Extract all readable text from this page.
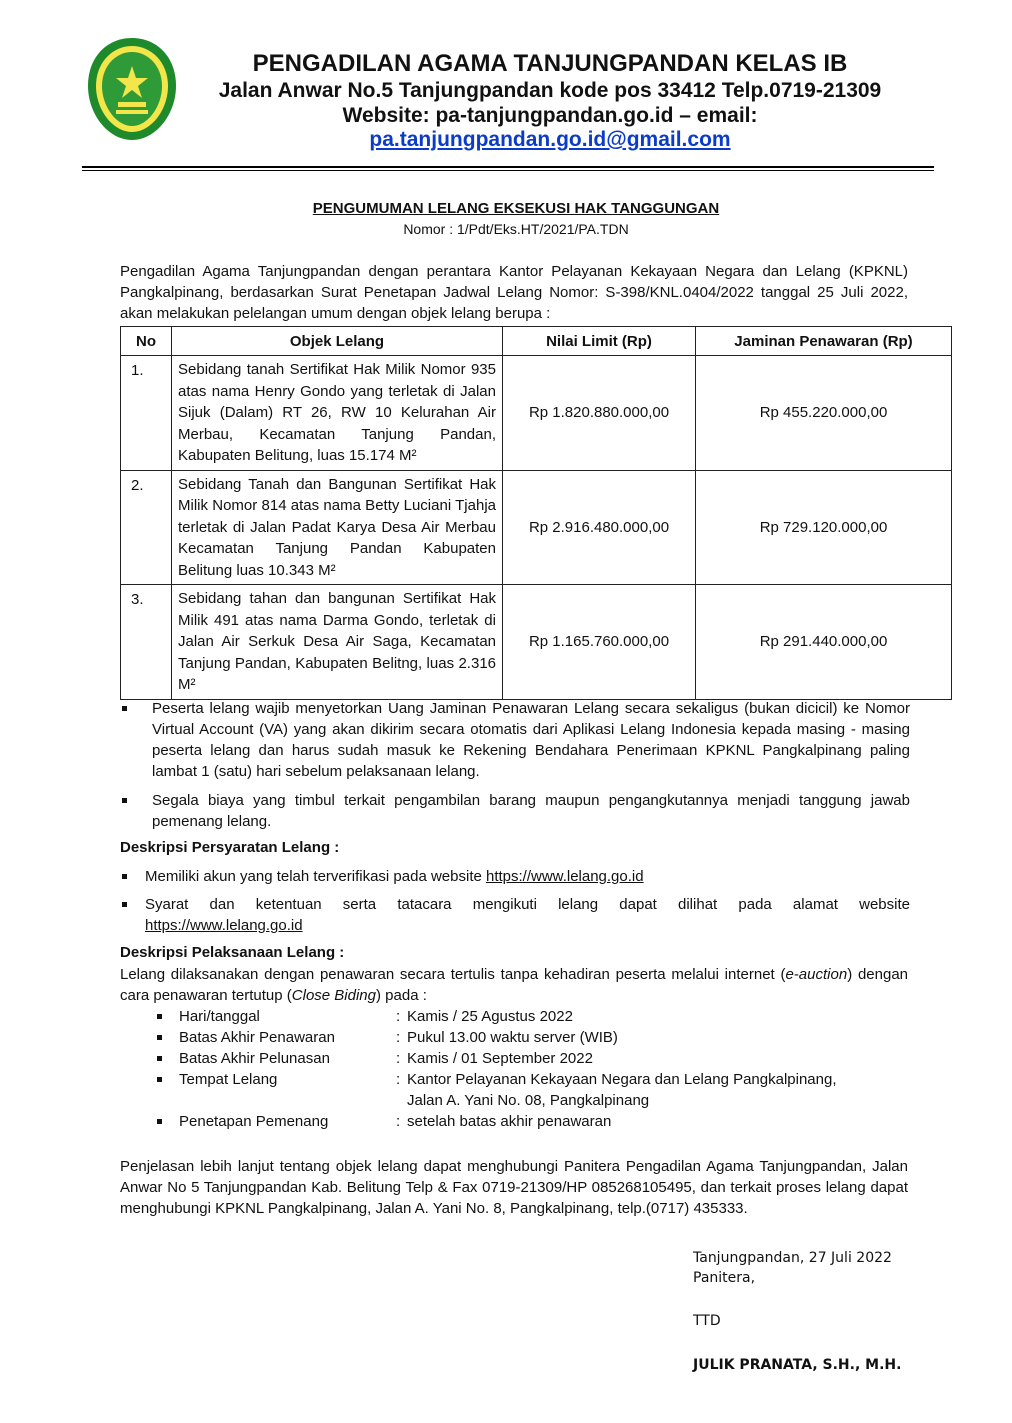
PENGADILAN AGAMA TANJUNGPANDAN KELAS IB
Jalan Anwar No.5 Tanjungpandan kode pos 33412 Telp.0719-21309
Website: pa-tanjungpandan.go.id – email:
pa.tanjungpandan.go.id@gmail.com
PENGUMUMAN LELANG EKSEKUSI HAK TANGGUNGAN
Nomor : 1/Pdt/Eks.HT/2021/PA.TDN
Pengadilan Agama Tanjungpandan dengan perantara Kantor Pelayanan Kekayaan Negara dan Lelang (KPKNL) Pangkalpinang, berdasarkan Surat Penetapan Jadwal Lelang Nomor: S-398/KNL.0404/2022 tanggal 25 Juli 2022, akan melakukan pelelangan umum dengan objek lelang berupa :
No	Objek Lelang	Nilai Limit (Rp)	Jaminan Penawaran (Rp)
1.	Sebidang tanah Sertifikat Hak Milik Nomor 935 atas nama Henry Gondo yang terletak di Jalan Sijuk (Dalam) RT 26, RW 10 Kelurahan Air Merbau, Kecamatan Tanjung Pandan, Kabupaten Belitung, luas 15.174 M²	Rp 1.820.880.000,00	Rp 455.220.000,00
2.	Sebidang Tanah dan Bangunan Sertifikat Hak Milik Nomor 814 atas nama Betty Luciani Tjahja terletak di Jalan Padat Karya Desa Air Merbau Kecamatan Tanjung Pandan Kabupaten Belitung luas 10.343 M²	Rp 2.916.480.000,00	Rp 729.120.000,00
3.	Sebidang tahan dan bangunan Sertifikat Hak Milik 491 atas nama Darma Gondo, terletak di Jalan Air Serkuk Desa Air Saga, Kecamatan Tanjung Pandan, Kabupaten Belitng, luas 2.316 M²	Rp 1.165.760.000,00	Rp 291.440.000,00
Peserta lelang wajib menyetorkan Uang Jaminan Penawaran Lelang secara sekaligus (bukan dicicil) ke Nomor Virtual Account (VA) yang akan dikirim secara otomatis dari Aplikasi Lelang Indonesia kepada masing - masing peserta lelang dan harus sudah masuk ke Rekening Bendahara Penerimaan KPKNL Pangkalpinang paling lambat 1 (satu) hari sebelum pelaksanaan lelang.
Segala biaya yang timbul terkait pengambilan barang maupun pengangkutannya menjadi tanggung jawab pemenang lelang.
Deskripsi Persyaratan Lelang :
Memiliki akun yang telah terverifikasi pada website https://www.lelang.go.id
Syarat dan ketentuan serta tatacara mengikuti lelang dapat dilihat pada alamat website
https://www.lelang.go.id
Deskripsi Pelaksanaan Lelang :
Lelang dilaksanakan dengan penawaran secara tertulis tanpa kehadiran peserta melalui internet (e-auction) dengan cara penawaran tertutup (Close Biding) pada :
Hari/tanggal	: Kamis / 25 Agustus 2022
Batas Akhir Penawaran	: Pukul 13.00 waktu server (WIB)
Batas Akhir Pelunasan	: Kamis / 01 September 2022
Tempat Lelang	: Kantor Pelayanan Kekayaan Negara dan Lelang Pangkalpinang,
Jalan A. Yani No. 08, Pangkalpinang
Penetapan Pemenang	: setelah batas akhir penawaran
Penjelasan lebih lanjut tentang objek lelang dapat menghubungi Panitera Pengadilan Agama Tanjungpandan, Jalan Anwar No 5 Tanjungpandan Kab. Belitung Telp & Fax 0719-21309/HP 085268105495, dan terkait proses lelang dapat menghubungi KPKNL Pangkalpinang, Jalan A. Yani No. 8, Pangkalpinang, telp.(0717) 435333.
Tanjungpandan, 27 Juli 2022
Panitera,
TTD
JULIK PRANATA, S.H., M.H.
